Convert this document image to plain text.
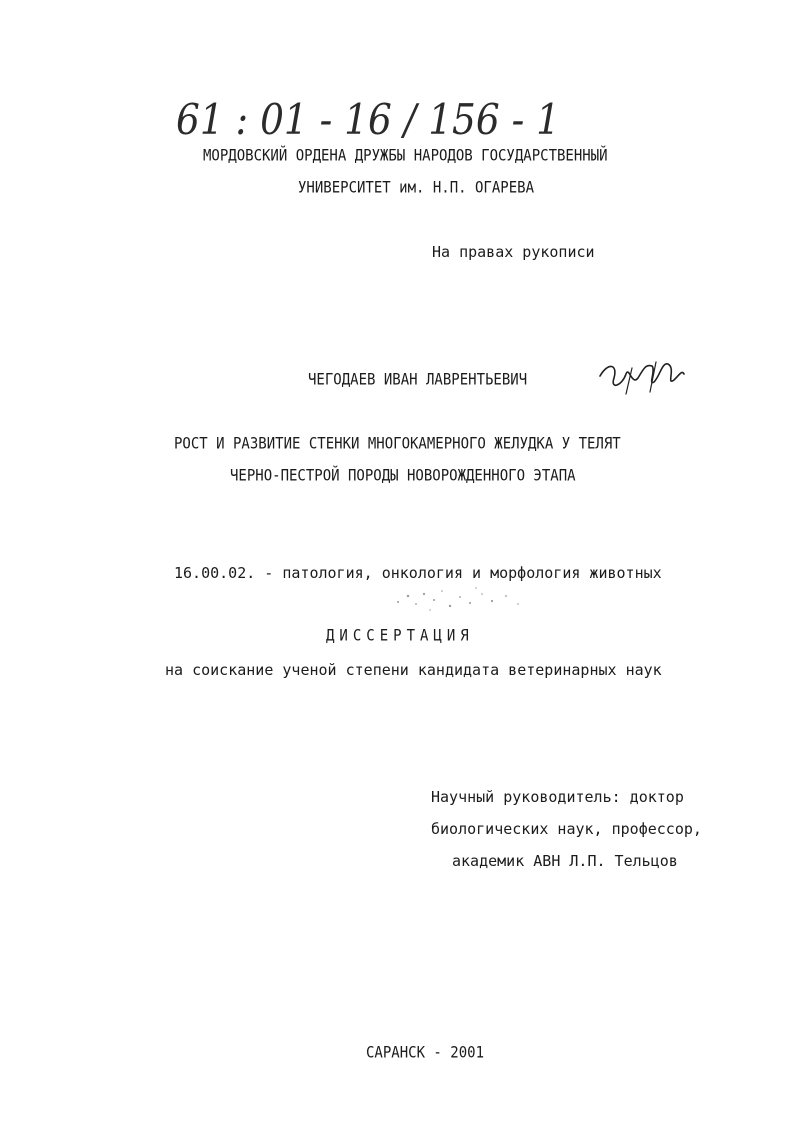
61 : 01 - 16 / 156 - 1
МОРДОВСКИЙ ОРДЕНА ДРУЖБЫ НАРОДОВ ГОСУДАРСТВЕННЫЙ
УНИВЕРСИТЕТ им. Н.П. ОГАРЕВА
На правах рукописи
ЧЕГОДАЕВ ИВАН ЛАВРЕНТЬЕВИЧ
РОСТ И РАЗВИТИЕ СТЕНКИ МНОГОКАМЕРНОГО ЖЕЛУДКА У ТЕЛЯТ
ЧЕРНО-ПЕСТРОЙ ПОРОДЫ НОВОРОЖДЕННОГО ЭТАПА
16.00.02. - патология, онкология и морфология животных
ДИССЕРТАЦИЯ
на соискание ученой степени кандидата ветеринарных наук
Научный руководитель: доктор
биологических наук, профессор,
академик АВН Л.П. Тельцов
САРАНСК - 2001
